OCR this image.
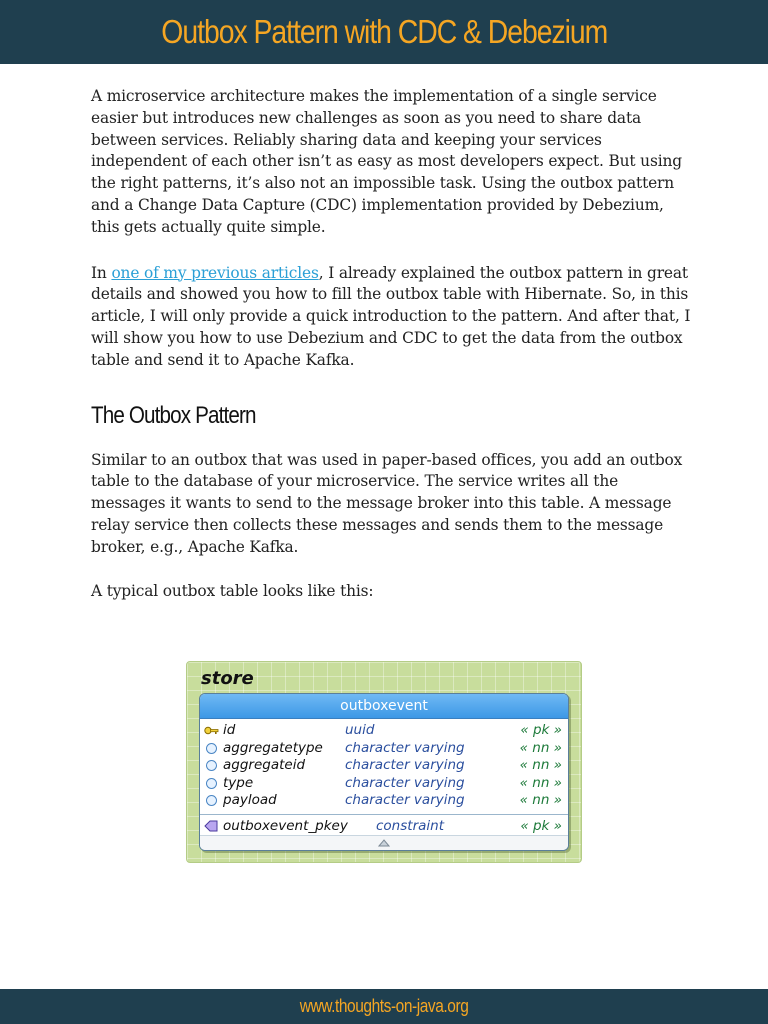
Outbox Pattern with CDC & Debezium

A microservice architecture makes the implementation of a single service easier but introduces new challenges as soon as you need to share data between services. Reliably sharing data and keeping your services independent of each other isn’t as easy as most developers expect. But using the right patterns, it’s also not an impossible task. Using the outbox pattern and a Change Data Capture (CDC) implementation provided by Debezium, this gets actually quite simple.

In one of my previous articles, I already explained the outbox pattern in great details and showed you how to fill the outbox table with Hibernate. So, in this article, I will only provide a quick introduction to the pattern. And after that, I will show you how to use Debezium and CDC to get the data from the outbox table and send it to Apache Kafka.

The Outbox Pattern

Similar to an outbox that was used in paper-based offices, you add an outbox table to the database of your microservice. The service writes all the messages it wants to send to the message broker into this table. A message relay service then collects these messages and sends them to the message broker, e.g., Apache Kafka.

A typical outbox table looks like this:

store
outboxevent
id	uuid	« pk »
aggregatetype character varying	« nn »
aggregateid	character varying	« nn »
type	character varying	« nn »
payload	character varying	« nn »
outboxevent_pkey constraint	« pk »
www.thoughts-on-java.org
